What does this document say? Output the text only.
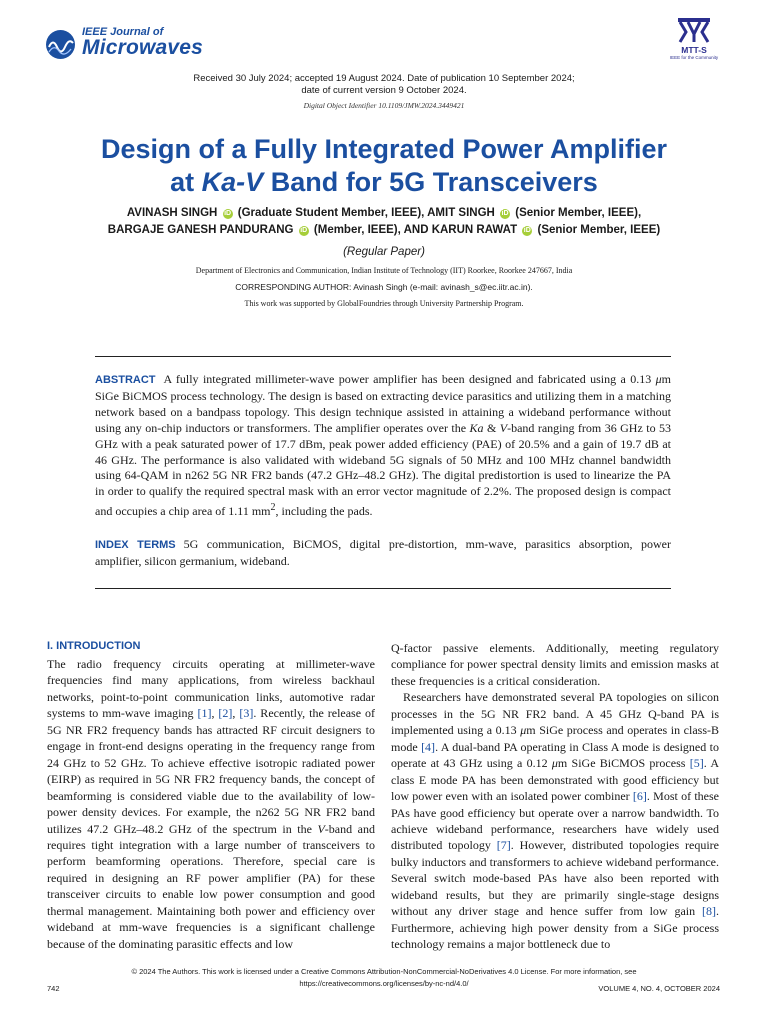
IEEE Journal of
Microwaves	MTT-S
IEEE for the Community
Received 30 July 2024; accepted 19 August 2024. Date of publication 10 September 2024;
date of current version 9 October 2024.
Digital Object Identifier 10.1109/JMW.2024.3449421
Design of a Fully Integrated Power Amplifier
at Ka-V Band for 5G Transceivers
AVINASH SINGH iD (Graduate Student Member, IEEE), AMIT SINGH iD (Senior Member, IEEE),
BARGAJE GANESH PANDURANG iD (Member, IEEE), AND KARUN RAWAT iD (Senior Member, IEEE)
(Regular Paper)
Department of Electronics and Communication, Indian Institute of Technology (IIT) Roorkee, Roorkee 247667, India
CORRESPONDING AUTHOR: Avinash Singh (e-mail: avinash_s@ec.iitr.ac.in).
This work was supported by GlobalFoundries through University Partnership Program.
ABSTRACT A fully integrated millimeter-wave power amplifier has been designed and fabricated using a 0.13 μm SiGe BiCMOS process technology. The design is based on extracting device parasitics and utilizing them in a matching network based on a bandpass topology. This design technique assisted in attaining a wideband performance without using any on-chip inductors or transformers. The amplifier operates over the Ka & V-band ranging from 36 GHz to 53 GHz with a peak saturated power of 17.7 dBm, peak power added efficiency (PAE) of 20.5% and a gain of 19.7 dB at 46 GHz. The performance is also validated with wideband 5G signals of 50 MHz and 100 MHz channel bandwidth using 64-QAM in n262 5G NR FR2 bands (47.2 GHz–48.2 GHz). The digital predistortion is used to linearize the PA in order to qualify the required spectral mask with an error vector magnitude of 2.2%. The proposed design is compact and occupies a chip area of 1.11 $mm^2$, including the pads.
INDEX TERMS 5G communication, BiCMOS, digital pre-distortion, mm-wave, parasitics absorption, power amplifier, silicon germanium, wideband.
I. INTRODUCTION

The radio frequency circuits operating at millimeter-wave frequencies find many applications, from wireless backhaul networks, point-to-point communication links, automotive radar systems to mm-wave imaging [1], [2], [3]. Recently, the release of 5G NR FR2 frequency bands has attracted RF circuit designers to engage in front-end designs operating in the frequency range from 24 GHz to 52 GHz. To achieve effective isotropic radiated power (EIRP) as required in 5G NR FR2 frequency bands, the concept of beamforming is considered viable due to the availability of low-power density devices. For example, the n262 5G NR FR2 band utilizes 47.2 GHz–48.2 GHz of the spectrum in the V-band and requires tight integration with a large number of transceivers to perform beamforming operations. Therefore, special care is required in designing an RF power amplifier (PA) for these transceiver circuits to enable low power consumption and good thermal management. Maintaining both power and efficiency over wideband at mm-wave frequencies is a significant challenge because of the dominating parasitic effects and low

Q-factor passive elements. Additionally, meeting regulatory compliance for power spectral density limits and emission masks at these frequencies is a critical consideration.

Researchers have demonstrated several PA topologies on silicon processes in the 5G NR FR2 band. A 45 GHz Q-band PA is implemented using a 0.13 μm SiGe process and operates in class-B mode [4]. A dual-band PA operating in Class A mode is designed to operate at 43 GHz using a 0.12 μm SiGe BiCMOS process [5]. A class E mode PA has been demonstrated with good efficiency but low power even with an isolated power combiner [6]. Most of these PAs have good efficiency but operate over a narrow bandwidth. To achieve wideband performance, researchers have widely used distributed topology [7]. However, distributed topologies require bulky inductors and transformers to achieve wideband performance. Several switch mode-based PAs have also been reported with wideband results, but they are primarily single-stage designs without any driver stage and hence suffer from low gain [8]. Furthermore, achieving high power density from a SiGe process technology remains a major bottleneck due to

© 2024 The Authors. This work is licensed under a Creative Commons Attribution-NonCommercial-NoDerivatives 4.0 License. For more information, see
https://creativecommons.org/licenses/by-nc-nd/4.0/
742	VOLUME 4, NO. 4, OCTOBER 2024
